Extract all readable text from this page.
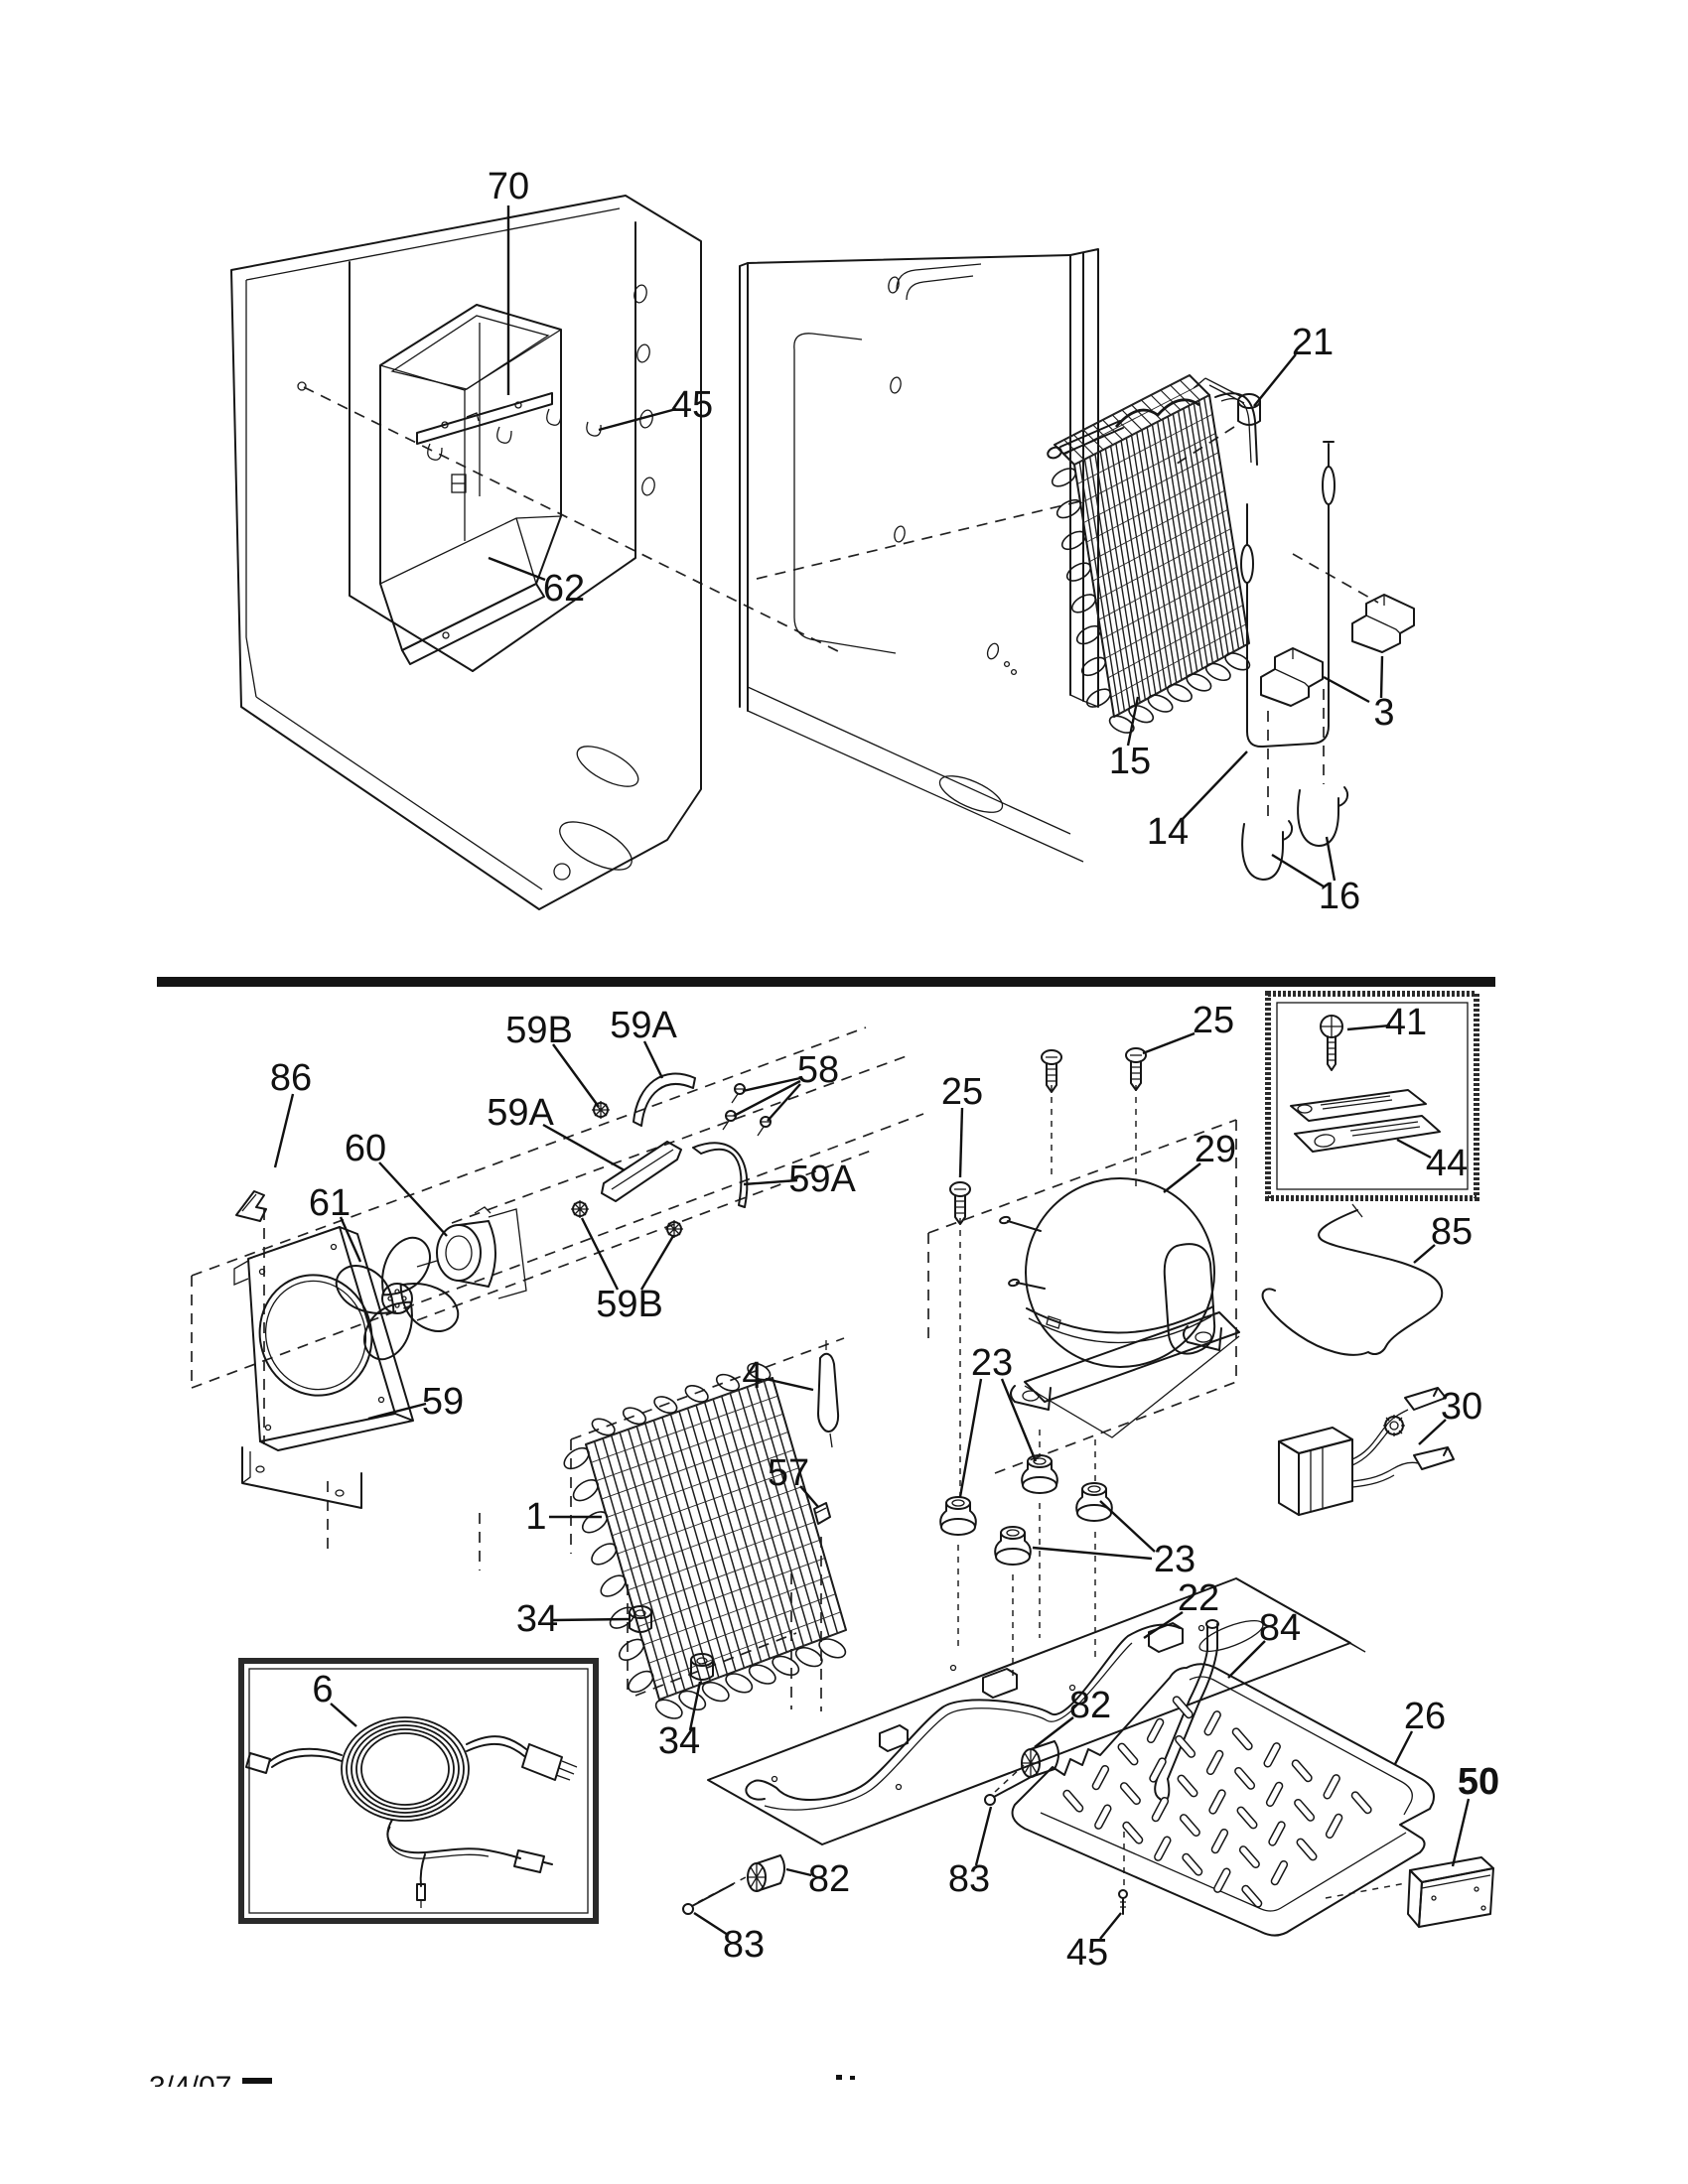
70
45
62
21
15
14
3
16
86
59B 59A
58
59A
59A
60
61
59B
59
4
57
1
34
34
25
25
29
41
44
85
30
23
23
22
84
26
50
82
82	83
83	45
6
